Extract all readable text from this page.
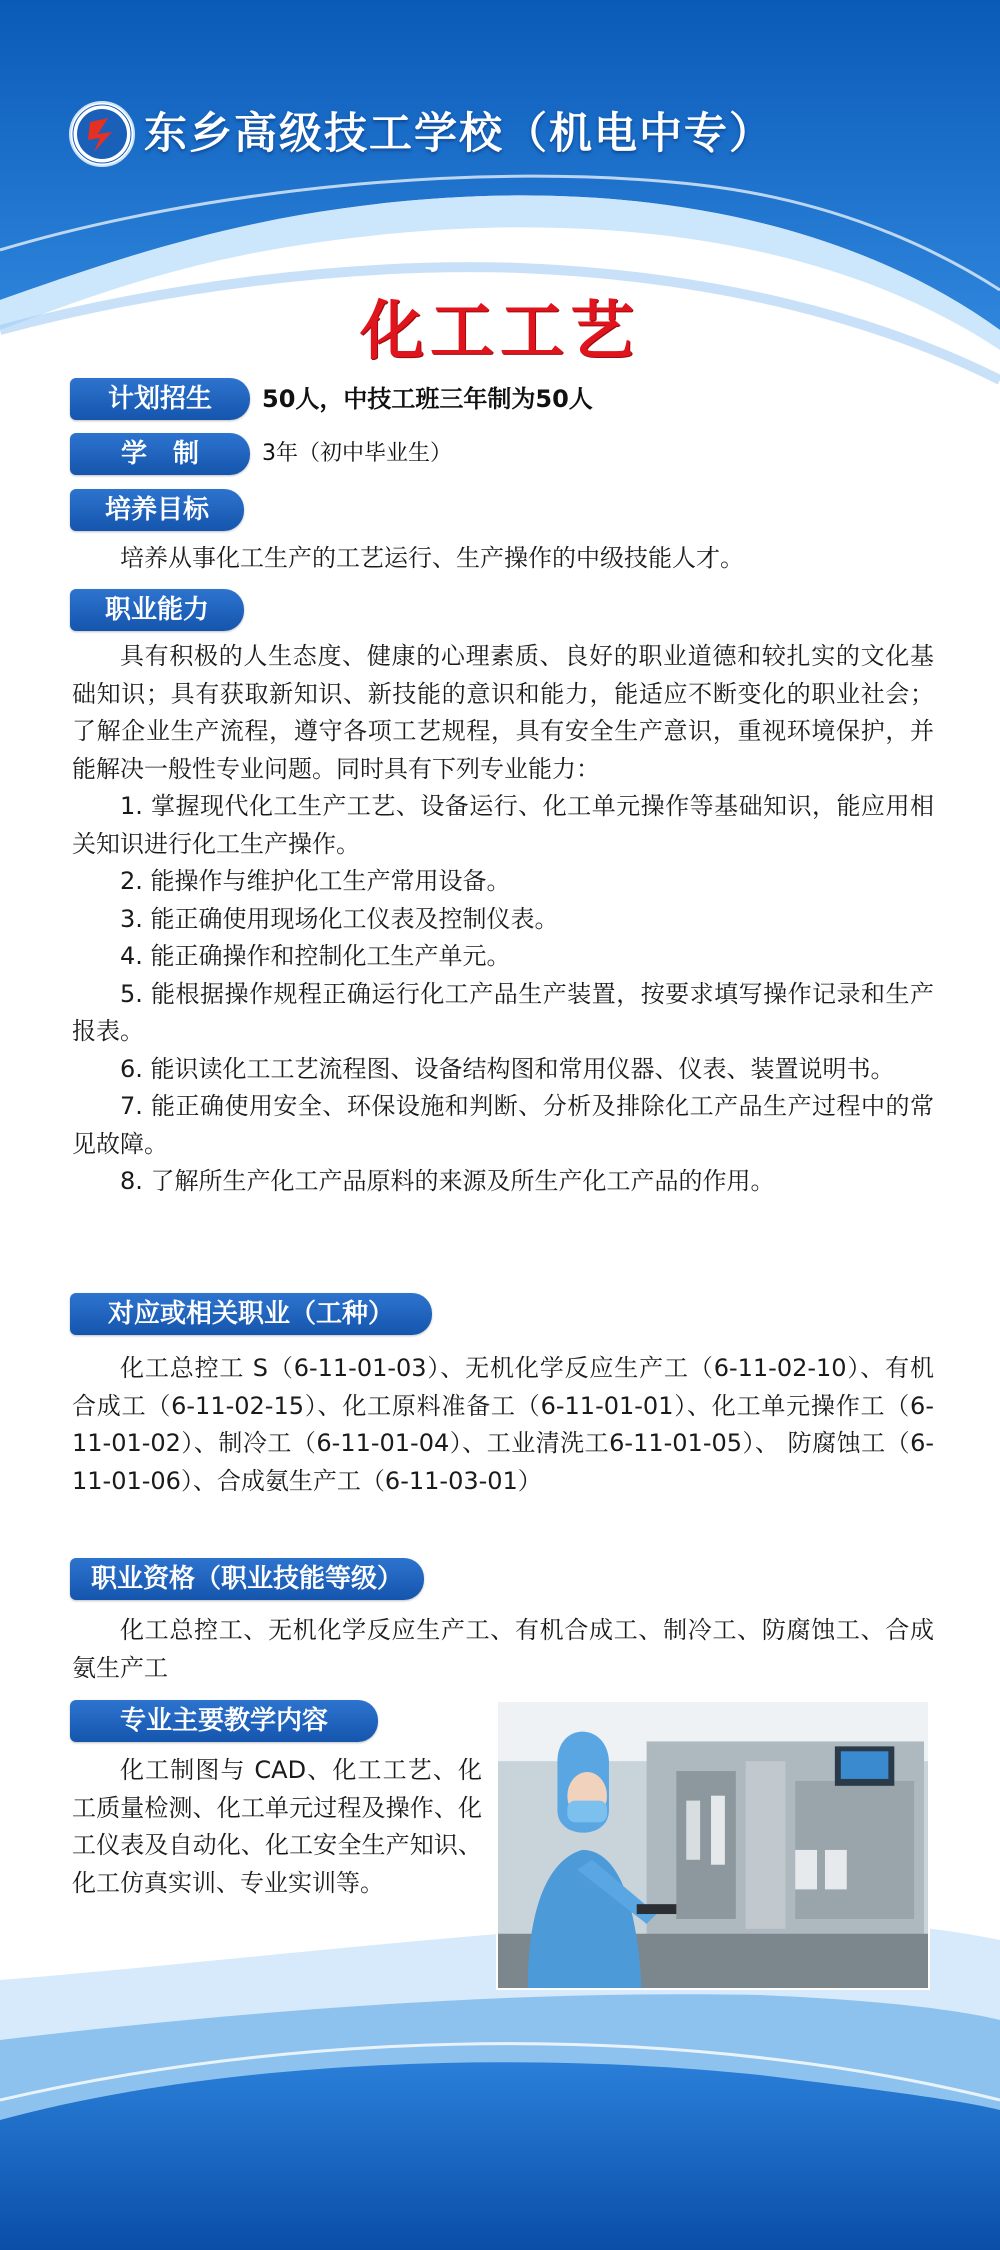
东乡高级技工学校（机电中专）
化工工艺
计划招生	50人，中技工班三年制为50人
学　制	3年（初中毕业生）
培养目标

培养从事化工生产的工艺运行、生产操作的中级技能人才。

职业能力

具有积极的人生态度、健康的心理素质、良好的职业道德和较扎实的文化基础知识；具有获取新知识、新技能的意识和能力，能适应不断变化的职业社会；了解企业生产流程，遵守各项工艺规程，具有安全生产意识，重视环境保护，并能解决一般性专业问题。同时具有下列专业能力：

1. 掌握现代化工生产工艺、设备运行、化工单元操作等基础知识，能应用相关知识进行化工生产操作。

2. 能操作与维护化工生产常用设备。

3. 能正确使用现场化工仪表及控制仪表。

4. 能正确操作和控制化工生产单元。

5. 能根据操作规程正确运行化工产品生产装置，按要求填写操作记录和生产报表。

6. 能识读化工工艺流程图、设备结构图和常用仪器、仪表、装置说明书。

7. 能正确使用安全、环保设施和判断、分析及排除化工产品生产过程中的常见故障。

8. 了解所生产化工产品原料的来源及所生产化工产品的作用。

对应或相关职业（工种）

化工总控工 S（6-11-01-03）、无机化学反应生产工（6-11-02-10）、有机合成工（6-11-02-15）、化工原料准备工（6-11-01-01）、化工单元操作工（6-11-01-02）、制冷工（6-11-01-04）、工业清洗工6-11-01-05）、 防腐蚀工（6-11-01-06）、合成氨生产工（6-11-03-01）

职业资格（职业技能等级）

化工总控工、无机化学反应生产工、有机合成工、制冷工、防腐蚀工、合成氨生产工

专业主要教学内容

化工制图与 CAD、化工工艺、化工质量检测、化工单元过程及操作、化工仪表及自动化、化工安全生产知识、化工仿真实训、专业实训等。
